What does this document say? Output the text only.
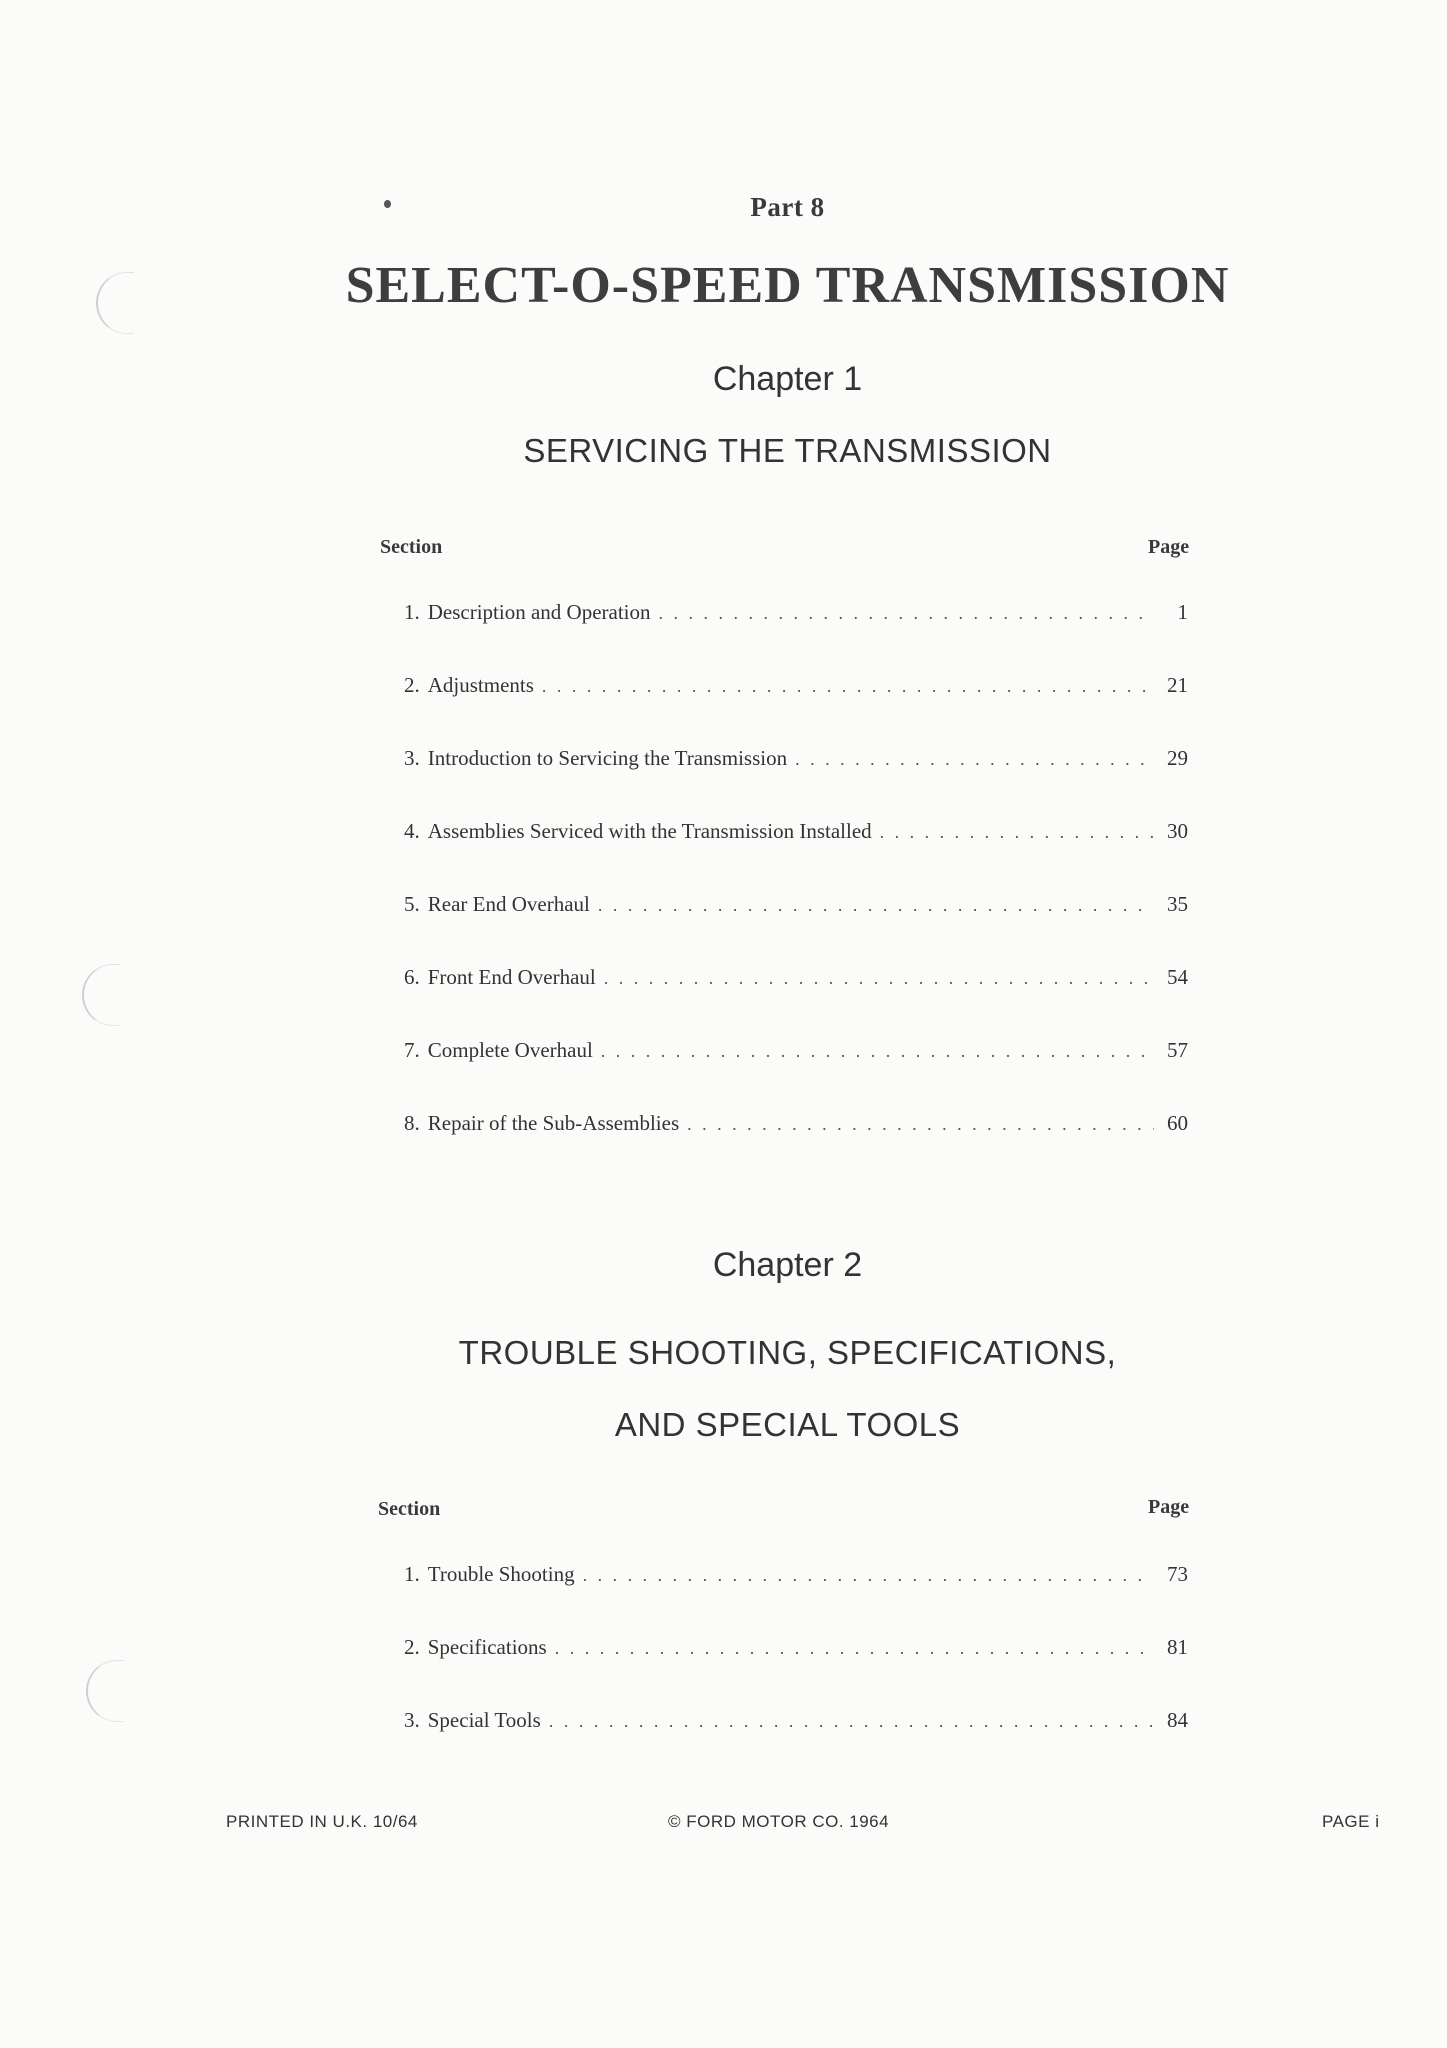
Part 8
SELECT-O-SPEED TRANSMISSION
Chapter 1
SERVICING THE TRANSMISSION
Section	Page
1. Description and Operation . . .	1
2. Adjustments . . .	21
3. Introduction to Servicing the Transmission . . .	29
4. Assemblies Serviced with the Transmission Installed . . .	30
5. Rear End Overhaul . . .	35
6. Front End Overhaul . . .	54
7. Complete Overhaul . . .	57
8. Repair of the Sub-Assemblies . . .	60
Chapter 2
TROUBLE SHOOTING, SPECIFICATIONS,
AND SPECIAL TOOLS
Section	Page
1. Trouble Shooting . . .	73
2. Specifications . . .	81
3. Special Tools . . .	84
PRINTED IN U.K. 10/64	© FORD MOTOR CO. 1964	PAGE i
